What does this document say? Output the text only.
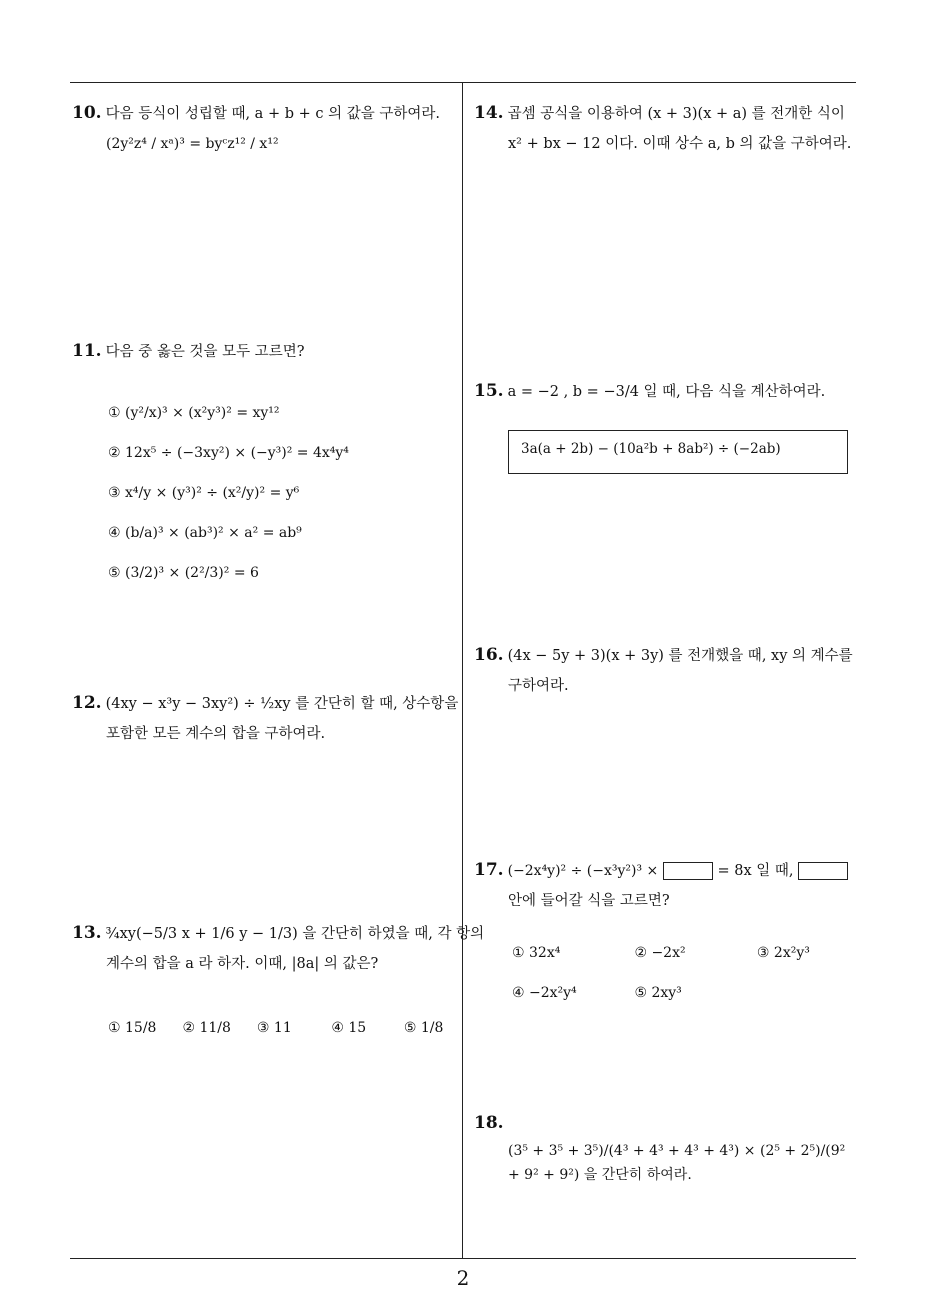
10. 다음 등식이 성립할 때, a + b + c 의 값을 구하여라.
(2y²z⁴ / xᵃ)³ = byᶜz¹² / x¹²
11. 다음 중 옳은 것을 모두 고르면?
① (y²/x)³ × (x²y³)² = xy¹²
② 12x⁵ ÷ (−3xy²) × (−y³)² = 4x⁴y⁴
③ x⁴/y × (y³)² ÷ (x²/y)² = y⁶
④ (b/a)³ × (ab³)² × a² = ab⁹
⑤ (3/2)³ × (2²/3)² = 6
12. (4xy − x³y − 3xy²) ÷ ½xy 를 간단히 할 때, 상수항을
포함한 모든 계수의 합을 구하여라.
13. ¾xy(−5/3 x + 1/6 y − 1/3) 을 간단히 하였을 때, 각 항의
계수의 합을 a 라 하자. 이때, |8a| 의 값은?
① 15/8 ② 11/8 ③ 11	④ 15	⑤ 1/8
14. 곱셈 공식을 이용하여 (x + 3)(x + a) 를 전개한 식이
x² + bx − 12 이다. 이때 상수 a, b 의 값을 구하여라.
15. a = −2 , b = −3/4 일 때, 다음 식을 계산하여라.
3a(a + 2b) − (10a²b + 8ab²) ÷ (−2ab)
16. (4x − 5y + 3)(x + 3y) 를 전개했을 때, xy 의 계수를
구하여라.
17. (−2x⁴y)² ÷ (−x³y²)³ ×	= 8x 일 때,
안에 들어갈 식을 고르면?
① 32x⁴	② −2x²	③ 2x²y³
④ −2x²y⁴	⑤ 2xy³
18.
(3⁵ + 3⁵ + 3⁵)/(4³ + 4³ + 4³ + 4³) × (2⁵ + 2⁵)/(9² + 9² + 9²) 을 간단히 하여라.
2
